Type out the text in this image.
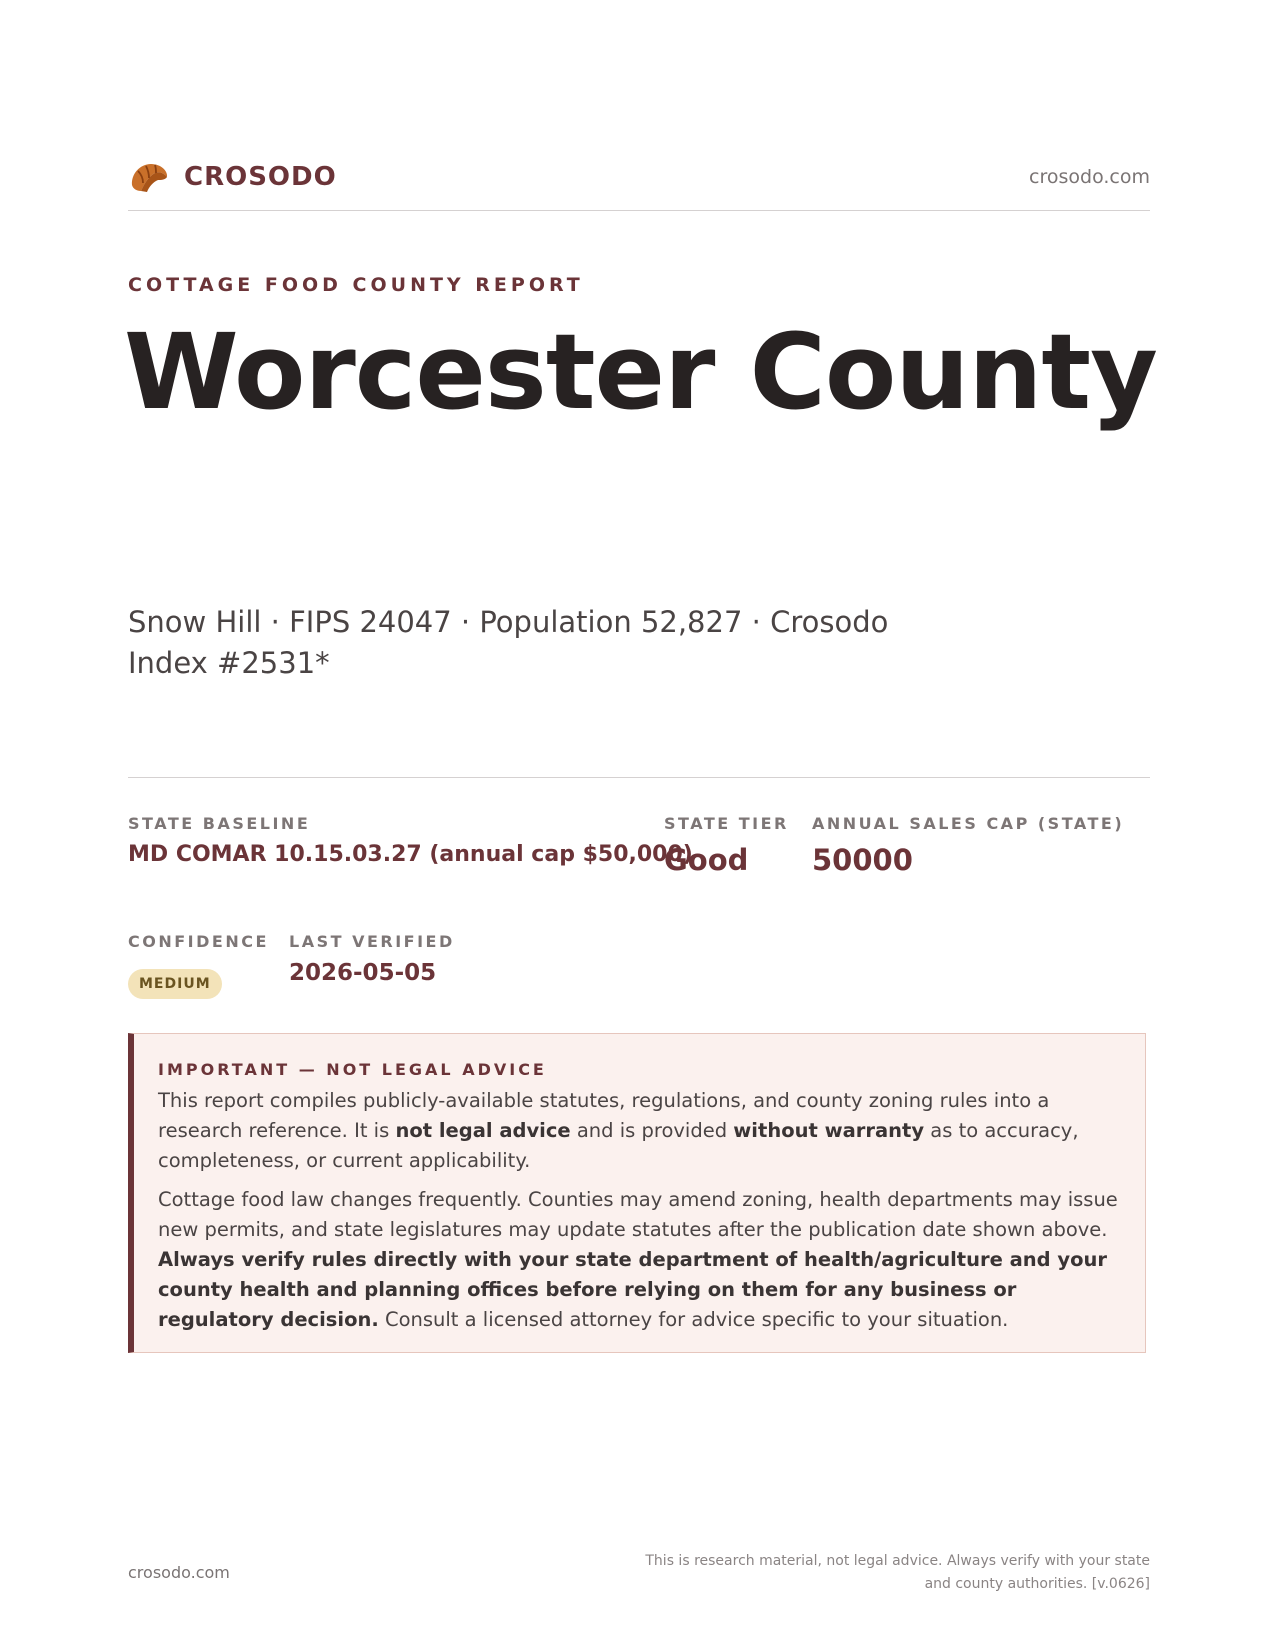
CROSODO	crosodo.com
COTTAGE FOOD COUNTY REPORT
Worcester County
Snow Hill · FIPS 24047 · Population 52,827 · Crosodo Index #2531*
STATE BASELINE
MD COMAR 10.15.03.27 (annual cap $50,000)
STATE TIER
Good
ANNUAL SALES CAP (STATE)
50000
CONFIDENCE
MEDIUM
LAST VERIFIED
2026-05-05
IMPORTANT — NOT LEGAL ADVICE

This report compiles publicly-available statutes, regulations, and county zoning rules into a research reference. It is not legal advice and is provided without warranty as to accuracy, completeness, or current applicability.

Cottage food law changes frequently. Counties may amend zoning, health departments may issue new permits, and state legislatures may update statutes after the publication date shown above. Always verify rules directly with your state department of health/agriculture and your county health and planning offices before relying on them for any business or regulatory decision. Consult a licensed attorney for advice specific to your situation.

crosodo.com
This is research material, not legal advice. Always verify with your state
and county authorities. [v.0626]
